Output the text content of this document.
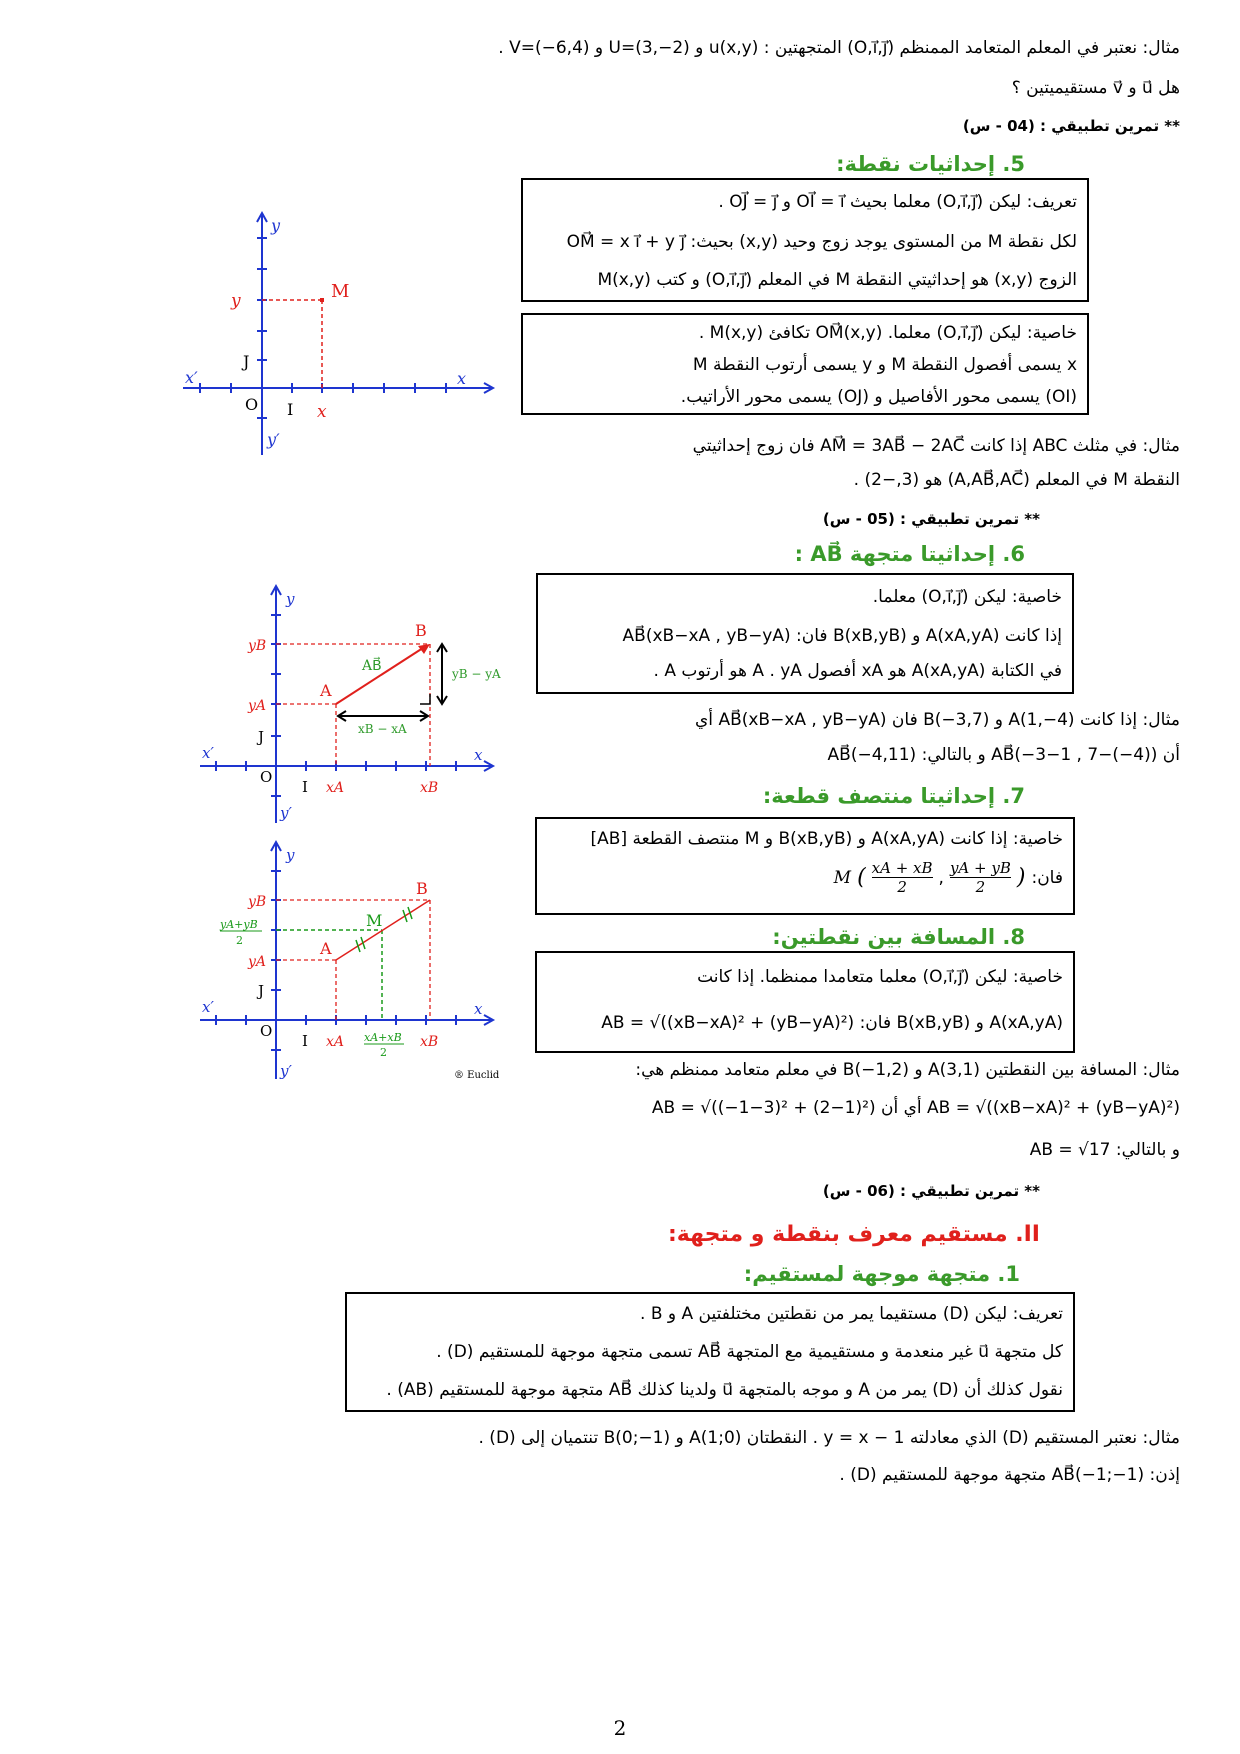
مثال: نعتبر في المعلم المتعامد الممنظم (O,i⃗,j⃗) المتجهتين : u(x,y) و U=(3,−2) و V=(−6,4) .
هل u⃗ و v⃗ مستقيميتين ؟
** تمرين تطبيقي : (04 - س)
5. إحداثيات نقطة:
تعريف: ليكن (O,i⃗,j⃗) معلما بحيث OI⃗ = i⃗ و OJ⃗ = j⃗ .
لكل نقطة M من المستوى يوجد زوج وحيد (x,y) بحيث: OM⃗ = x i⃗ + y j⃗
الزوج (x,y) هو إحداثيتي النقطة M في المعلم (O,i⃗,j⃗) و كتب M(x,y)
خاصية: ليكن (O,i⃗,j⃗) معلما. OM⃗(x,y) تكافئ M(x,y) .
x يسمى أفصول النقطة M و y يسمى أرتوب النقطة M
(OI) يسمى محور الأفاصيل و (OJ) يسمى محور الأراتيب.
مثال: في مثلث ABC إذا كانت AM⃗ = 3AB⃗ − 2AC⃗ فان زوج إحداثيتي
النقطة M في المعلم (A,AB⃗,AC⃗) هو (3,−2) .
** تمرين تطبيقي : (05 - س)
6. إحداثيتا متجهة AB⃗ :
خاصية: ليكن (O,i⃗,j⃗) معلما.
إذا كانت A(xA,yA) و B(xB,yB) فان: AB⃗(xB−xA , yB−yA)
في الكتابة A(xA,yA) هو xA أفصول A . yA هو أرتوب A .
مثال: إذا كانت A(1,−4) و B(−3,7) فان AB⃗(xB−xA , yB−yA) أي
أن AB⃗(−3−1 , 7−(−4)) و بالتالي: AB⃗(−4,11)
7. إحداثيتا منتصف قطعة:
خاصية: إذا كانت A(xA,yA) و B(xB,yB) و M منتصف القطعة [AB]
فان:
(
$\frac{yA + yB}{2}$
,
$\frac{xA + xB}{2}$
)
M
8. المسافة بين نقطتين:
خاصية: ليكن (O,i⃗,j⃗) معلما متعامدا ممنظما. إذا كانت
A(xA,yA) و B(xB,yB) فان: AB = √((xB−xA)² + (yB−yA)²)
مثال: المسافة بين النقطتين A(3,1) و B(−1,2) في معلم متعامد ممنظم هي:
AB = √((xB−xA)² + (yB−yA)²) أي أن AB = √((−1−3)² + (2−1)²)
و بالتالي: AB = √17
** تمرين تطبيقي : (06 - س)
II. مستقيم معرف بنقطة و متجهة:
1. متجهة موجهة لمستقيم:
تعريف: ليكن (D) مستقيما يمر من نقطتين مختلفتين A و B .
كل متجهة u⃗ غير منعدمة و مستقيمية مع المتجهة AB⃗ تسمى متجهة موجهة للمستقيم (D) .
نقول كذلك أن (D) يمر من A و موجه بالمتجهة u⃗ ولدينا كذلك AB⃗ متجهة موجهة للمستقيم (AB) .
مثال: نعتبر المستقيم (D) الذي معادلته y = x − 1 . النقطتان A(1;0) و B(0;−1) تنتميان إلى (D) .
إذن: AB⃗(−1;−1) متجهة موجهة للمستقيم (D) .
2
y
x
x′
y′
M
y
x
J
I
O
y
x
x′
y′
A
B
AB⃗	yB − yA
xB − xA
yB
yA
xA	xB
J
I
O
y
x
x′
y′
A
B
M
yB
yA
yA+yB
2
xA	xB
xA+xB
2
J
I
O
® Euclid
